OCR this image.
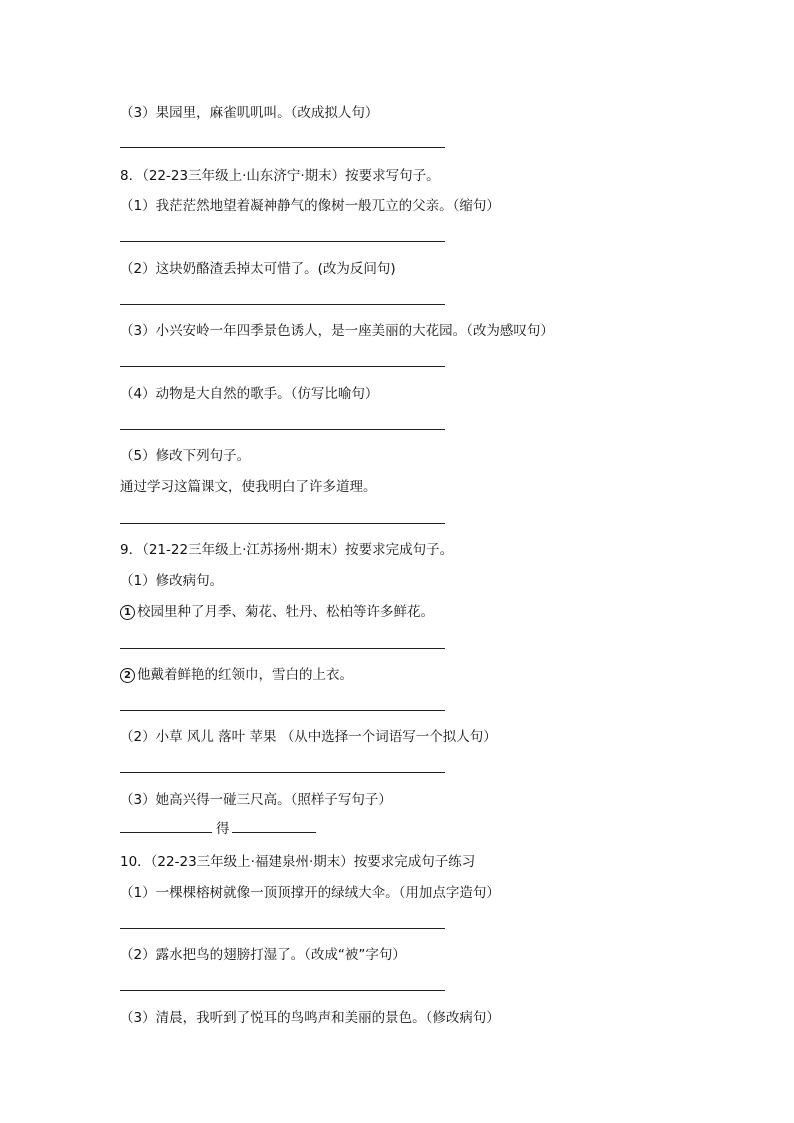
（3）果园里，麻雀叽叽叫。（改成拟人句）
8．（22-23三年级上·山东济宁·期末）按要求写句子。
（1）我茫茫然地望着凝神静气的像树一般兀立的父亲。（缩句）
（2）这块奶酪渣丢掉太可惜了。(改为反问句)
（3）小兴安岭一年四季景色诱人，是一座美丽的大花园。（改为感叹句）
（4）动物是大自然的歌手。（仿写比喻句）
（5）修改下列句子。
通过学习这篇课文，使我明白了许多道理。
9．（21-22三年级上·江苏扬州·期末）按要求完成句子。
（1）修改病句。
1 校园里种了月季、菊花、牡丹、松柏等许多鲜花。
2 他戴着鲜艳的红领巾，雪白的上衣。
（2）小草 风儿 落叶 苹果 （从中选择一个词语写一个拟人句）
（3）她高兴得一碰三尺高。（照样子写句子）
得
10．（22-23三年级上·福建泉州·期末）按要求完成句子练习
（1）一棵棵榕树就像一顶顶撑开的绿绒大伞。（用加点字造句）
（2）露水把鸟的翅膀打湿了。（改成“被”字句）
（3）清晨，我听到了悦耳的鸟鸣声和美丽的景色。（修改病句）
